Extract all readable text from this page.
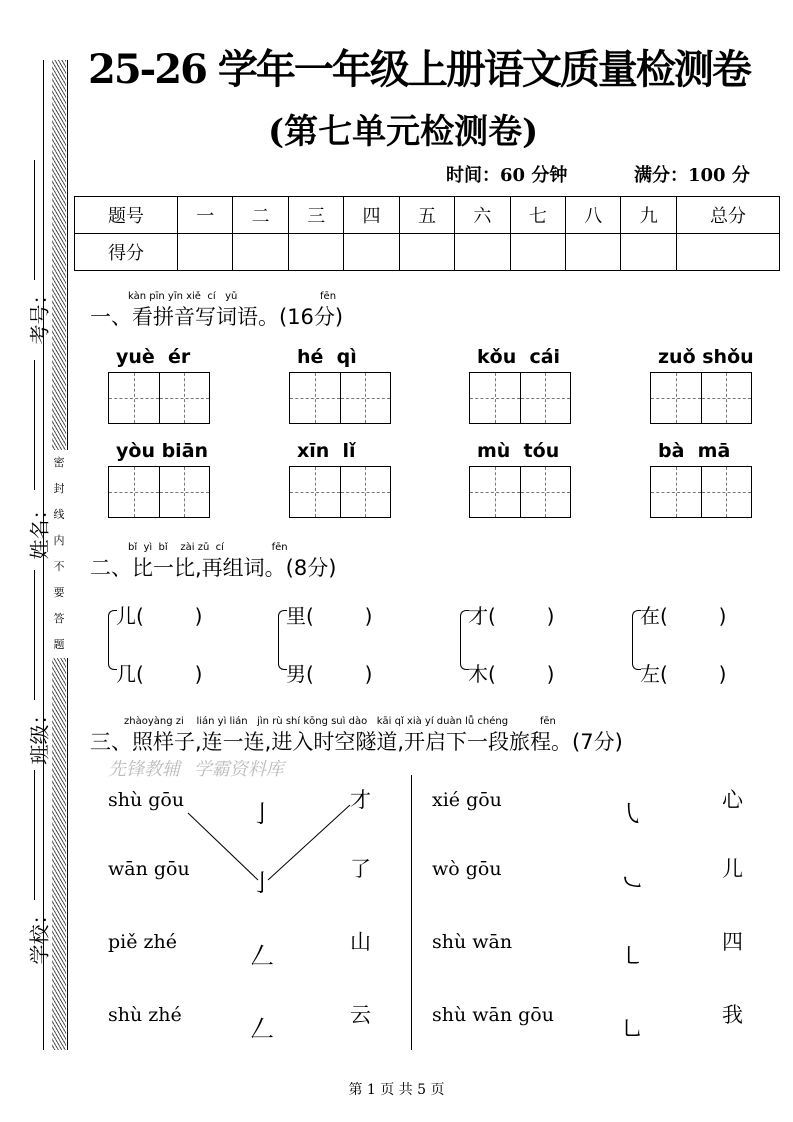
密
封
线
内
不
要
答
题
考号：
姓名：
班级：
学校：
25-26 学年一年级上册语文质量检测卷
(第七单元检测卷)
时间：60 分钟	满分：100 分
题号	一	二	三	四	五	六	七	八	九	总分
得分										
kàn pīn yīn xiě  cí   yǔ                          fēn
一、看拼音写词语。(16分)
bǐ  yì  bǐ    zài zǔ  cí               fēn
二、比一比,再组词。(8分)
zhàoyàng zi    lián yì lián   jìn rù shí kōng suì dào   kāi qǐ xià yí duàn lǚ chéng          fēn
三、照样子,连一连,进入时空隧道,开启下一段旅程。(7分)
先锋教辅 学霸资料库
第 1 页 共 5 页
yuè  ér	hé  qì	kǒu  cái	zuǒ shǒu
yòu biān	xīn  lǐ	mù  tóu	bà  mā
儿(        )
几(        )
里(        )
男(        )
才(        )
木(        )
在(        )
左(        )
shù gōu	亅	才
wān gōu	亅	了
piě zhé	𠃋	山
shù zhé	𠃋	云
xié gōu	㇂	心
wò gōu	㇃	儿
shù wān	㇄	四
shù wān gōu	㇟	我
